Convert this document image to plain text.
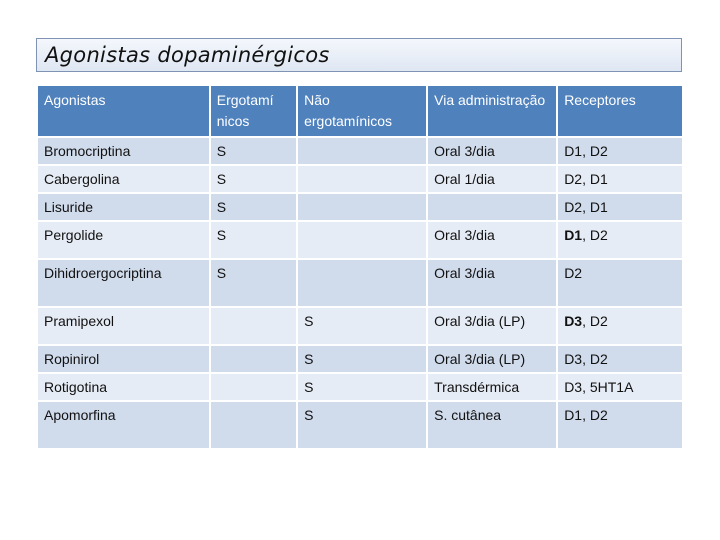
Agonistas dopaminérgicos
Agonistas	Ergotamí nicos	Não ergotamínicos	Via administração	Receptores
Bromocriptina	S		Oral 3/dia	D1, D2
Cabergolina	S		Oral 1/dia	D2, D1
Lisuride	S			D2, D1
Pergolide	S		Oral 3/dia	D1, D2
Dihidroergocriptina	S		Oral 3/dia	D2
Pramipexol		S	Oral 3/dia (LP)	D3, D2
Ropinirol		S	Oral 3/dia (LP)	D3, D2
Rotigotina		S	Transdérmica	D3, 5HT1A
Apomorfina		S	S. cutânea	D1, D2
